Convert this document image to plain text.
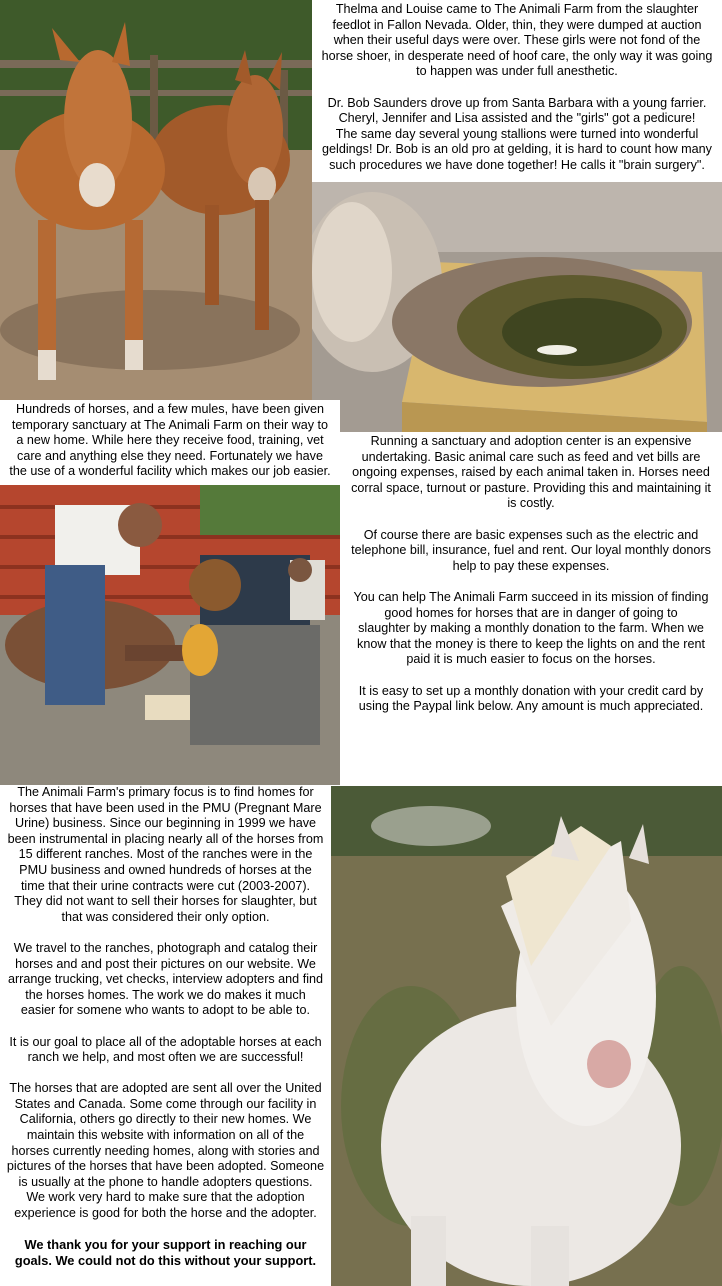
Thelma and Louise came to The Animali Farm from the slaughter
feedlot in Fallon Nevada. Older, thin, they were dumped at auction
when their useful days were over. These girls were not fond of the
horse shoer, in desperate need of hoof care, the only way it was going
to happen was under full anesthetic.

Dr. Bob Saunders drove up from Santa Barbara with a young farrier.
Cheryl, Jennifer and Lisa assisted and the "girls" got a pedicure!
The same day several young stallions were turned into wonderful
geldings! Dr. Bob is an old pro at gelding, it is hard to count how many
such procedures we have done together! He calls it "brain surgery".

Hundreds of horses, and a few mules, have been given
temporary sanctuary at The Animali Farm on their way to
a new home. While here they receive food, training, vet
care and anything else they need. Fortunately we have
the use of a wonderful facility which makes our job easier.

Running a sanctuary and adoption center is an expensive
undertaking. Basic animal care such as feed and vet bills are
ongoing expenses, raised by each animal taken in. Horses need
corral space, turnout or pasture. Providing this and maintaining it
is costly.

Of course there are basic expenses such as the electric and
telephone bill, insurance, fuel and rent. Our loyal monthly donors
help to pay these expenses.

You can help The Animali Farm succeed in its mission of finding
good homes for horses that are in danger of going to
slaughter by making a monthly donation to the farm. When we
know that the money is there to keep the lights on and the rent
paid it is much easier to focus on the horses.

It is easy to set up a monthly donation with your credit card by
using the Paypal link below. Any amount is much appreciated.

The Animali Farm's primary focus is to find homes for
horses that have been used in the PMU (Pregnant Mare
Urine) business. Since our beginning in 1999 we have
been instrumental in placing nearly all of the horses from
15 different ranches. Most of the ranches were in the
PMU business and owned hundreds of horses at the
time that their urine contracts were cut (2003-2007).
They did not want to sell their horses for slaughter, but
that was considered their only option.

We travel to the ranches, photograph and catalog their
horses and and post their pictures on our website. We
arrange trucking, vet checks, interview adopters and find
the horses homes. The work we do makes it much
easier for somene who wants to adopt to be able to.

It is our goal to place all of the adoptable horses at each
ranch we help, and most often we are successful!

The horses that are adopted are sent all over the United
States and Canada. Some come through our facility in
California, others go directly to their new homes. We
maintain this website with information on all of the
horses currently needing homes, along with stories and
pictures of the horses that have been adopted. Someone
is usually at the phone to handle adopters questions.
We work very hard to make sure that the adoption
experience is good for both the horse and the adopter.

We thank you for your support in reaching our
goals. We could not do this without your support.
